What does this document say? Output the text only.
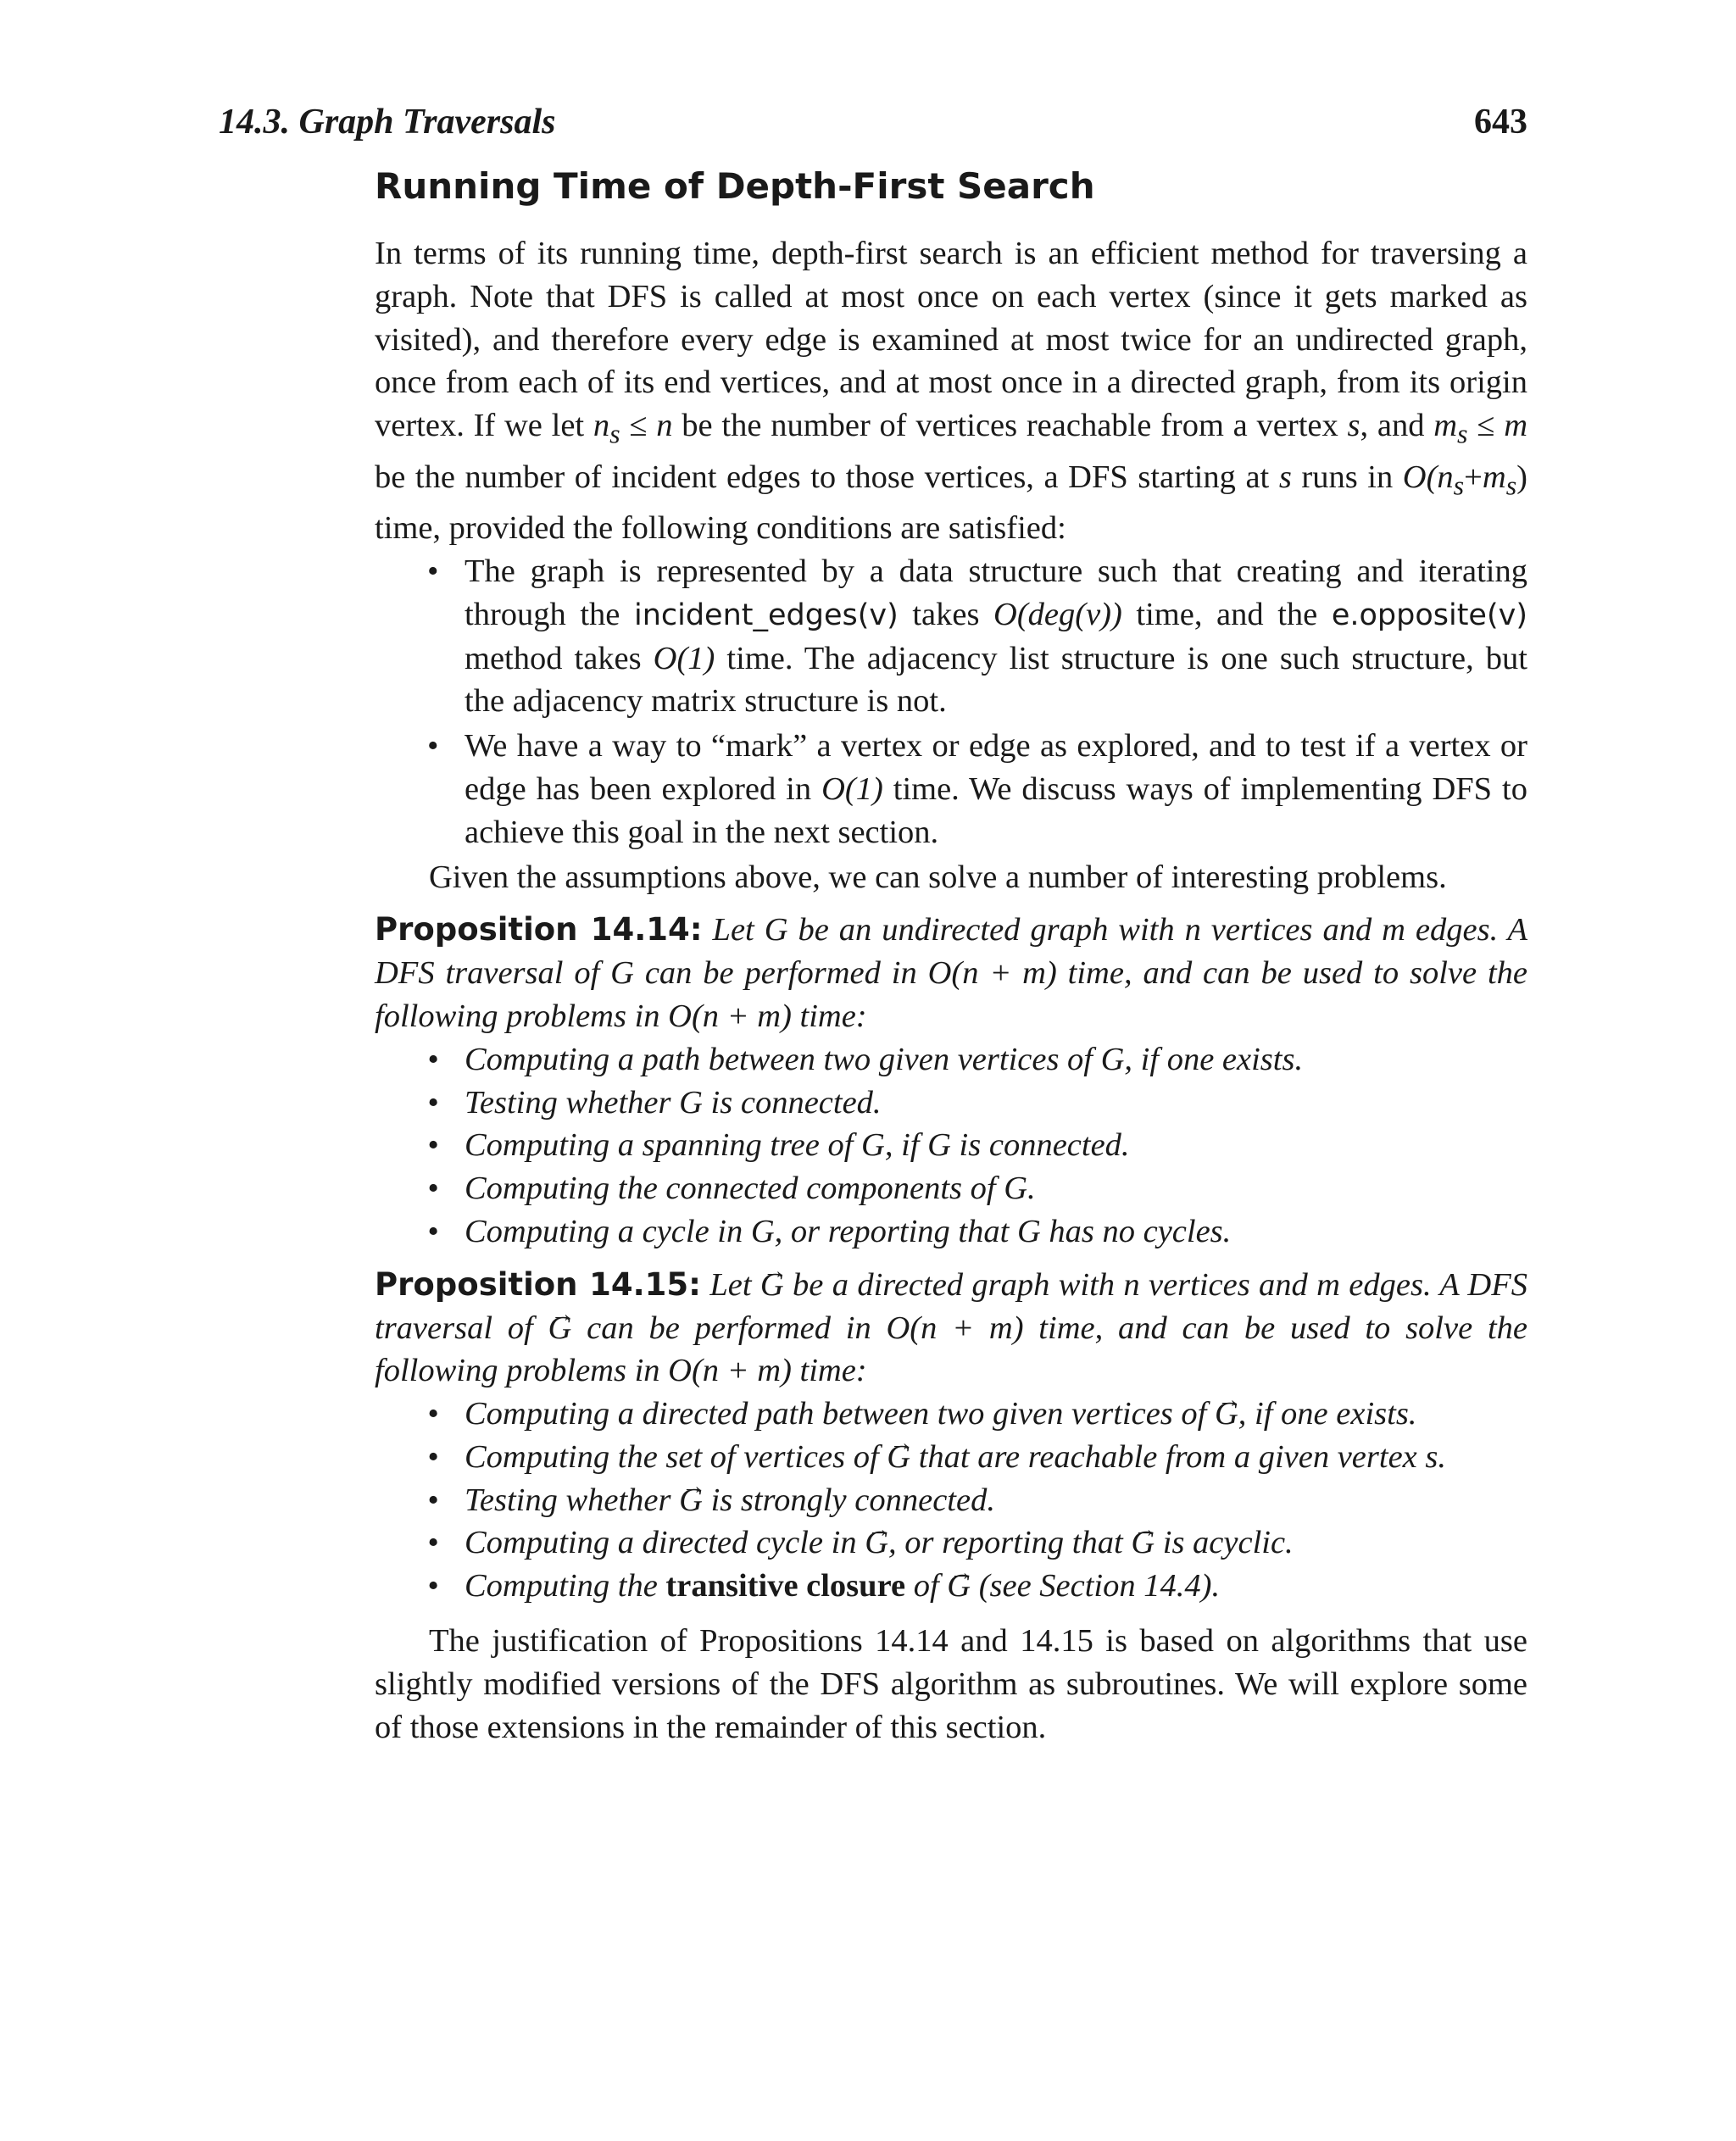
14.3. Graph Traversals	643
Running Time of Depth-First Search

In terms of its running time, depth-first search is an efficient method for traversing a graph. Note that DFS is called at most once on each vertex (since it gets marked as visited), and therefore every edge is examined at most twice for an undirected graph, once from each of its end vertices, and at most once in a directed graph, from its origin vertex. If we let $n_s \le n$ be the number of vertices reachable from a vertex s, and $m_s \le m$ be the number of incident edges to those vertices, a DFS starting at s runs in $O(n_s+m_s)$ time, provided the following conditions are satisfied:

• The graph is represented by a data structure such that creating and iterating through the incident_edges(v) takes O(deg(v)) time, and the e.opposite(v) method takes O(1) time. The adjacency list structure is one such structure, but the adjacency matrix structure is not.
• We have a way to “mark” a vertex or edge as explored, and to test if a vertex or edge has been explored in O(1) time. We discuss ways of implementing DFS to achieve this goal in the next section.

Given the assumptions above, we can solve a number of interesting problems.

Proposition 14.14: Let G be an undirected graph with n vertices and m edges. A DFS traversal of G can be performed in O(n + m) time, and can be used to solve the following problems in O(n + m) time:

• Computing a path between two given vertices of G, if one exists.
• Testing whether G is connected.
• Computing a spanning tree of G, if G is connected.
• Computing the connected components of G.
• Computing a cycle in G, or reporting that G has no cycles.

Proposition 14.15: Let G → be a directed graph with n vertices and m edges. A DFS traversal of G → can be performed in O(n + m) time, and can be used to solve the following problems in O(n + m) time:

• Computing a directed path between two given vertices of G →, if one exists.
• Computing the set of vertices of G → that are reachable from a given vertex s.
• Testing whether G → is strongly connected.
• Computing a directed cycle in G →, or reporting that G → is acyclic.
• Computing the transitive closure of G → (see Section 14.4).

The justification of Propositions 14.14 and 14.15 is based on algorithms that use slightly modified versions of the DFS algorithm as subroutines. We will explore some of those extensions in the remainder of this section.
